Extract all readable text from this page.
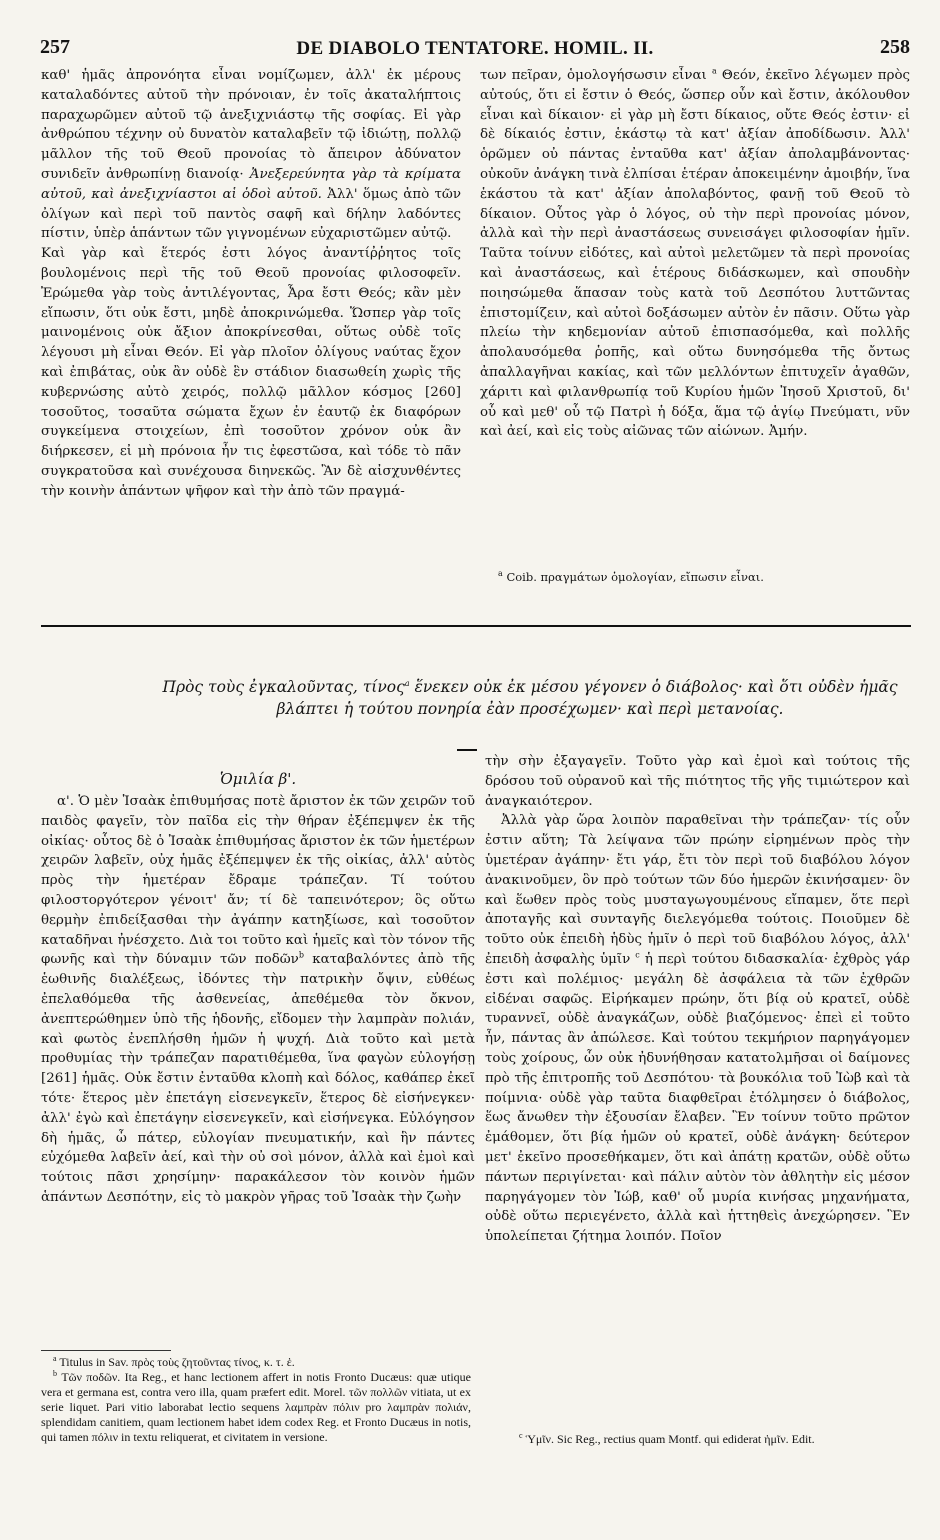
257	DE DIABOLO TENTATORE. HOMIL. II.	258

καθ' ἡμᾶς ἀπρονόητα εἶναι νομίζωμεν, ἀλλ' ἐκ μέρους καταλαδόντες αὐτοῦ τὴν πρόνοιαν, ἐν τοῖς ἀκαταλήπτοις παραχωρῶμεν αὐτοῦ τῷ ἀνεξιχνιάστῳ τῆς σοφίας. Εἰ γὰρ ἀνθρώπου τέχνην οὐ δυνατὸν καταλαβεῖν τῷ ἰδιώτῃ, πολλῷ μᾶλλον τῆς τοῦ Θεοῦ προνοίας τὸ ἄπειρον ἀδύνατον συνιδεῖν ἀνθρωπίνῃ διανοίᾳ· Ἀνεξερεύνητα γὰρ τὰ κρίματα αὐτοῦ, καὶ ἀνεξιχνίαστοι αἱ ὁδοὶ αὐτοῦ. Ἀλλ' ὅμως ἀπὸ τῶν ὀλίγων καὶ περὶ τοῦ παντὸς σαφῆ καὶ δήλην λαδόντες πίστιν, ὑπὲρ ἁπάντων τῶν γιγνομένων εὐχαριστῶμεν αὐτῷ.

Καὶ γὰρ καὶ ἕτερός ἐστι λόγος ἀναντίῤῥητος τοῖς βουλομένοις περὶ τῆς τοῦ Θεοῦ προνοίας φιλοσοφεῖν. Ἐρώμεθα γὰρ τοὺς ἀντιλέγοντας, Ἆρα ἔστι Θεός; κἂν μὲν εἴπωσιν, ὅτι οὐκ ἔστι, μηδὲ ἀποκρινώμεθα. Ὥσπερ γὰρ τοῖς μαινομένοις οὐκ ἄξιον ἀποκρίνεσθαι, οὕτως οὐδὲ τοῖς λέγουσι μὴ εἶναι Θεόν. Εἰ γὰρ πλοῖον ὀλίγους ναύτας ἔχον καὶ ἐπιβάτας, οὐκ ἂν οὐδὲ ἓν στάδιον διασωθείη χωρὶς τῆς κυβερνώσης αὐτὸ χειρός, πολλῷ μᾶλλον κόσμος [260] τοσοῦτος, τοσαῦτα σώματα ἔχων ἐν ἑαυτῷ ἐκ διαφόρων συγκείμενα στοιχείων, ἐπὶ τοσοῦτον χρόνον οὐκ ἂν διήρκεσεν, εἰ μὴ πρόνοια ἦν τις ἐφεστῶσα, καὶ τόδε τὸ πᾶν συγκρατοῦσα καὶ συνέχουσα διηνεκῶς. Ἂν δὲ αἰσχυνθέντες τὴν κοινὴν ἁπάντων ψῆφον καὶ τὴν ἀπὸ τῶν πραγμά-

των πεῖραν, ὁμολογήσωσιν εἶναι $^a$ Θεόν, ἐκεῖνο λέγωμεν πρὸς αὐτούς, ὅτι εἰ ἔστιν ὁ Θεός, ὥσπερ οὖν καὶ ἔστιν, ἀκόλουθον εἶναι καὶ δίκαιον· εἰ γὰρ μὴ ἔστι δίκαιος, οὔτε Θεός ἐστιν· εἰ δὲ δίκαιός ἐστιν, ἑκάστῳ τὰ κατ' ἀξίαν ἀποδίδωσιν. Ἀλλ' ὁρῶμεν οὐ πάντας ἐνταῦθα κατ' ἀξίαν ἀπολαμβάνοντας· οὐκοῦν ἀνάγκη τινὰ ἐλπίσαι ἑτέραν ἀποκειμένην ἀμοιβήν, ἵνα ἑκάστου τὰ κατ' ἀξίαν ἀπολαβόντος, φανῇ τοῦ Θεοῦ τὸ δίκαιον. Οὗτος γὰρ ὁ λόγος, οὐ τὴν περὶ προνοίας μόνον, ἀλλὰ καὶ τὴν περὶ ἀναστάσεως συνεισάγει φιλοσοφίαν ἡμῖν. Ταῦτα τοίνυν εἰδότες, καὶ αὐτοὶ μελετῶμεν τὰ περὶ προνοίας καὶ ἀναστάσεως, καὶ ἑτέρους διδάσκωμεν, καὶ σπουδὴν ποιησώμεθα ἅπασαν τοὺς κατὰ τοῦ Δεσπότου λυττῶντας ἐπιστομίζειν, καὶ αὐτοὶ δοξάσωμεν αὐτὸν ἐν πᾶσιν. Οὕτω γὰρ πλείω τὴν κηδεμονίαν αὐτοῦ ἐπισπασόμεθα, καὶ πολλῆς ἀπολαυσόμεθα ῥοπῆς, καὶ οὕτω δυνησόμεθα τῆς ὄντως ἀπαλλαγῆναι κακίας, καὶ τῶν μελλόντων ἐπιτυχεῖν ἀγαθῶν, χάριτι καὶ φιλανθρωπίᾳ τοῦ Κυρίου ἡμῶν Ἰησοῦ Χριστοῦ, δι' οὗ καὶ μεθ' οὗ τῷ Πατρὶ ἡ δόξα, ἅμα τῷ ἁγίῳ Πνεύματι, νῦν καὶ ἀεί, καὶ εἰς τοὺς αἰῶνας τῶν αἰώνων. Ἀμήν.

$^a$ Coib. πραγμάτων ὁμολογίαν, εἴπωσιν εἶναι.
Πρὸς τοὺς ἐγκαλοῦντας, τίνος$^a$ ἕνεκεν οὐκ ἐκ μέσου γέγονεν ὁ διάβολος· καὶ ὅτι οὐδὲν ἡμᾶς
βλάπτει ἡ τούτου πονηρία ἐὰν προσέχωμεν· καὶ περὶ μετανοίας.
Ὁμιλία β'.

α'. Ὁ μὲν Ἰσαὰκ ἐπιθυμήσας ποτὲ ἄριστον ἐκ τῶν χειρῶν τοῦ παιδὸς φαγεῖν, τὸν παῖδα εἰς τὴν θήραν ἐξέπεμψεν ἐκ τῆς οἰκίας· οὗτος δὲ ὁ Ἰσαὰκ ἐπιθυμήσας ἄριστον ἐκ τῶν ἡμετέρων χειρῶν λαβεῖν, οὐχ ἡμᾶς ἐξέπεμψεν ἐκ τῆς οἰκίας, ἀλλ' αὐτὸς πρὸς τὴν ἡμετέραν ἔδραμε τράπεζαν. Τί τούτου φιλοστοργότερον γένοιτ' ἄν; τί δὲ ταπεινότερον; ὃς οὕτω θερμὴν ἐπιδείξασθαι τὴν ἀγάπην κατηξίωσε, καὶ τοσοῦτον καταδῆναι ἠνέσχετο. Διὰ τοι τοῦτο καὶ ἡμεῖς καὶ τὸν τόνον τῆς φωνῆς καὶ τὴν δύναμιν τῶν ποδῶν$^b$ καταβαλόντες ἀπὸ τῆς ἑωθινῆς διαλέξεως, ἰδόντες τὴν πατρικὴν ὄψιν, εὐθέως ἐπελαθόμεθα τῆς ἀσθενείας, ἀπεθέμεθα τὸν ὄκνον, ἀνεπτερώθημεν ὑπὸ τῆς ἡδονῆς, εἴδομεν τὴν λαμπρὰν πολιάν, καὶ φωτὸς ἐνεπλήσθη ἡμῶν ἡ ψυχή. Διὰ τοῦτο καὶ μετὰ προθυμίας τὴν τράπεζαν παρατιθέμεθα, ἵνα φαγὼν εὐλογήσῃ [261] ἡμᾶς. Οὐκ ἔστιν ἐνταῦθα κλοπὴ καὶ δόλος, καθάπερ ἐκεῖ τότε· ἕτερος μὲν ἐπετάγη εἰσενεγκεῖν, ἕτερος δὲ εἰσήνεγκεν· ἀλλ' ἐγὼ καὶ ἐπετάγην εἰσενεγκεῖν, καὶ εἰσήνεγκα. Εὐλόγησον δὴ ἡμᾶς, ὦ πάτερ, εὐλογίαν πνευματικήν, καὶ ἣν πάντες εὐχόμεθα λαβεῖν ἀεί, καὶ τὴν οὐ σοὶ μόνον, ἀλλὰ καὶ ἐμοὶ καὶ τούτοις πᾶσι χρησίμην· παρακάλεσον τὸν κοινὸν ἡμῶν ἁπάντων Δεσπότην, εἰς τὸ μακρὸν γῆρας τοῦ Ἰσαὰκ τὴν ζωὴν

τὴν σὴν ἐξαγαγεῖν. Τοῦτο γὰρ καὶ ἐμοὶ καὶ τούτοις τῆς δρόσου τοῦ οὐρανοῦ καὶ τῆς πιότητος τῆς γῆς τιμιώτερον καὶ ἀναγκαιότερον.

Ἀλλὰ γὰρ ὥρα λοιπὸν παραθεῖναι τὴν τράπεζαν· τίς οὖν ἐστιν αὕτη; Τὰ λείψανα τῶν πρώην εἰρημένων πρὸς τὴν ὑμετέραν ἀγάπην· ἔτι γάρ, ἔτι τὸν περὶ τοῦ διαβόλου λόγον ἀνακινοῦμεν, ὃν πρὸ τούτων τῶν δύο ἡμερῶν ἐκινήσαμεν· ὃν καὶ ἕωθεν πρὸς τοὺς μυσταγωγουμένους εἴπαμεν, ὅτε περὶ ἀποταγῆς καὶ συνταγῆς διελεγόμεθα τούτοις. Ποιοῦμεν δὲ τοῦτο οὐκ ἐπειδὴ ἡδὺς ἡμῖν ὁ περὶ τοῦ διαβόλου λόγος, ἀλλ' ἐπειδὴ ἀσφαλὴς ὑμῖν $^c$ ἡ περὶ τούτου διδασκαλία· ἐχθρὸς γάρ ἐστι καὶ πολέμιος· μεγάλη δὲ ἀσφάλεια τὰ τῶν ἐχθρῶν εἰδέναι σαφῶς. Εἰρήκαμεν πρώην, ὅτι βίᾳ οὐ κρατεῖ, οὐδὲ τυραννεῖ, οὐδὲ ἀναγκάζων, οὐδὲ βιαζόμενος· ἐπεὶ εἰ τοῦτο ἦν, πάντας ἂν ἀπώλεσε. Καὶ τούτου τεκμήριον παρηγάγομεν τοὺς χοίρους, ὧν οὐκ ἠδυνήθησαν κατατολμῆσαι οἱ δαίμονες πρὸ τῆς ἐπιτροπῆς τοῦ Δεσπότου· τὰ βουκόλια τοῦ Ἰὼβ καὶ τὰ ποίμνια· οὐδὲ γὰρ ταῦτα διαφθεῖραι ἐτόλμησεν ὁ διάβολος, ἕως ἄνωθεν τὴν ἐξουσίαν ἔλαβεν. Ἓν τοίνυν τοῦτο πρῶτον ἐμάθομεν, ὅτι βίᾳ ἡμῶν οὐ κρατεῖ, οὐδὲ ἀνάγκη· δεύτερον μετ' ἐκεῖνο προσεθήκαμεν, ὅτι καὶ ἀπάτῃ κρατῶν, οὐδὲ οὕτω πάντων περιγίνεται· καὶ πάλιν αὐτὸν τὸν ἀθλητὴν εἰς μέσον παρηγάγομεν τὸν Ἰώβ, καθ' οὗ μυρία κινήσας μηχανήματα, οὐδὲ οὕτω περιεγένετο, ἀλλὰ καὶ ἡττηθεὶς ἀνεχώρησεν. Ἓν ὑπολείπεται ζήτημα λοιπόν. Ποῖον

$^a$ Titulus in Sav. πρὸς τοὺς ζητοῦντας τίνος, κ. τ. ἑ.

$^b$ Τῶν ποδῶν. Ita Reg., et hanc lectionem affert in notis Fronto Ducæus: quæ utique vera et germana est, contra vero illa, quam præfert edit. Morel. τῶν πολλῶν vitiata, ut ex serie liquet. Pari vitio laborabat lectio sequens λαμπρὰν πόλιν pro λαμπρὰν πολιάν, splendidam canitiem, quam lectionem habet idem codex Reg. et Fronto Ducæus in notis, qui tamen πόλιν in textu reliquerat, et civitatem in versione.	$^c$ Ὑμῖν. Sic Reg., rectius quam Montf. qui ediderat ἡμῖν. Edit.
